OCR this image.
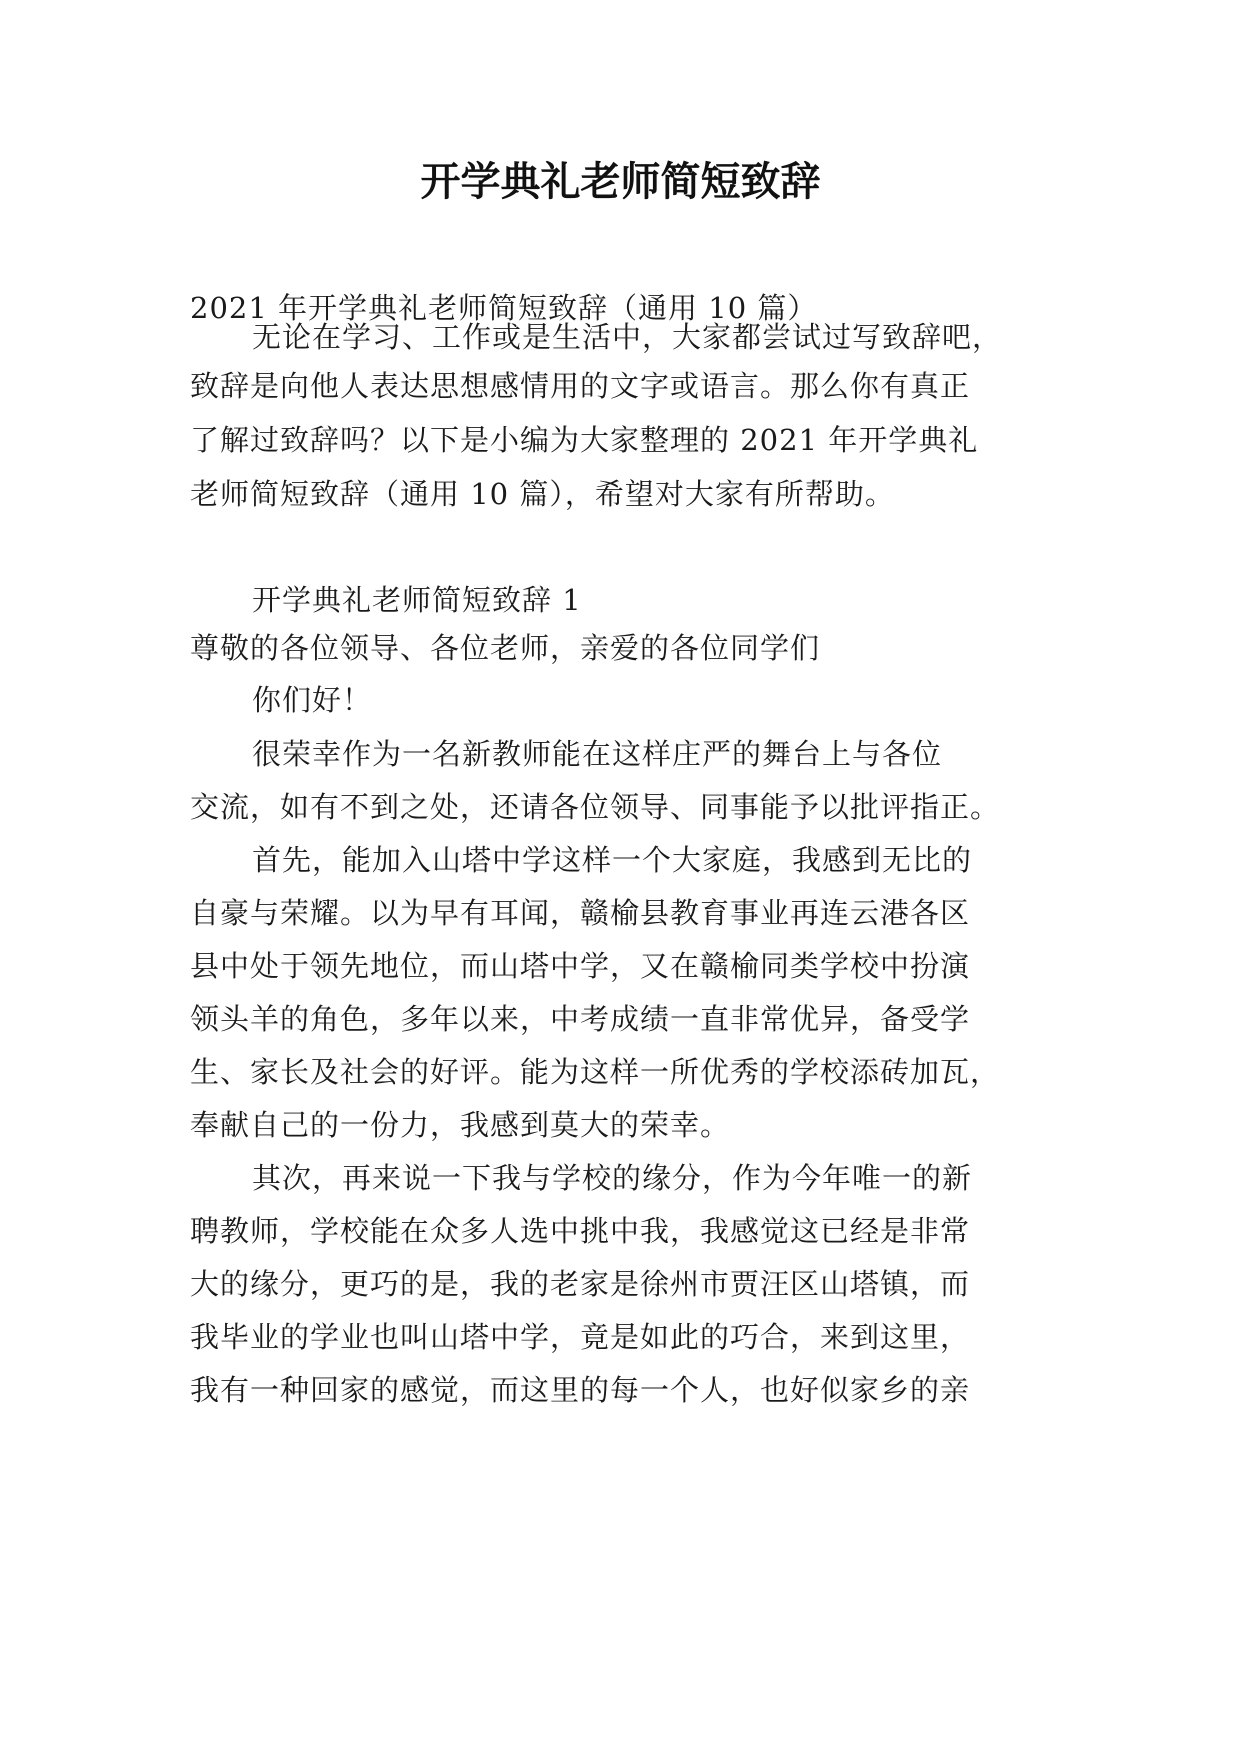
开学典礼老师简短致辞
2021 年开学典礼老师简短致辞（通用 10 篇）
无论在学习、工作或是生活中，大家都尝试过写致辞吧，
致辞是向他人表达思想感情用的文字或语言。那么你有真正
了解过致辞吗？以下是小编为大家整理的 2021 年开学典礼
老师简短致辞（通用 10 篇），希望对大家有所帮助。
开学典礼老师简短致辞 1
尊敬的各位领导、各位老师，亲爱的各位同学们
你们好！
很荣幸作为一名新教师能在这样庄严的舞台上与各位
交流，如有不到之处，还请各位领导、同事能予以批评指正。
首先，能加入山塔中学这样一个大家庭，我感到无比的
自豪与荣耀。以为早有耳闻，赣榆县教育事业再连云港各区
县中处于领先地位，而山塔中学，又在赣榆同类学校中扮演
领头羊的角色，多年以来，中考成绩一直非常优异，备受学
生、家长及社会的好评。能为这样一所优秀的学校添砖加瓦，
奉献自己的一份力，我感到莫大的荣幸。
其次，再来说一下我与学校的缘分，作为今年唯一的新
聘教师，学校能在众多人选中挑中我，我感觉这已经是非常
大的缘分，更巧的是，我的老家是徐州市贾汪区山塔镇，而
我毕业的学业也叫山塔中学，竟是如此的巧合，来到这里，
我有一种回家的感觉，而这里的每一个人，也好似家乡的亲
